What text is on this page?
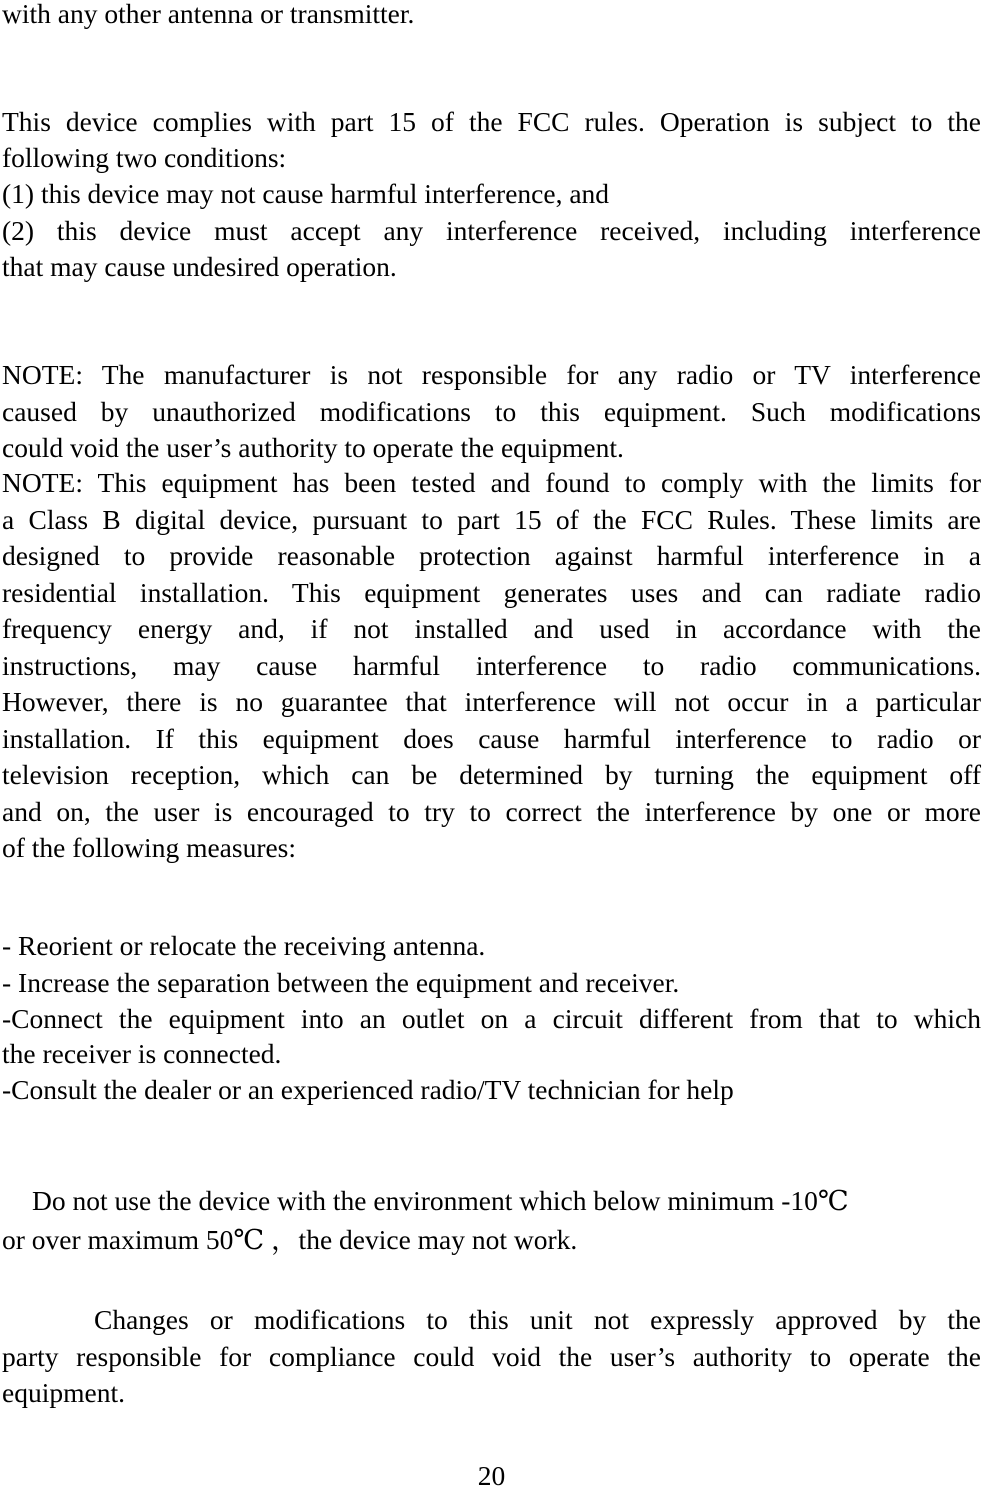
with any other antenna or transmitter.

This device complies with part 15 of the FCC rules. Operation is subject to the
following two conditions:
(1) this device may not cause harmful interference, and
(2) this device must accept any interference received, including interference
that may cause undesired operation.

NOTE: The manufacturer is not responsible for any radio or TV interference
caused by unauthorized modifications to this equipment. Such modifications
could void the user’s authority to operate the equipment.

NOTE: This equipment has been tested and found to comply with the limits for
a Class B digital device, pursuant to part 15 of the FCC Rules. These limits are
designed to provide reasonable protection against harmful interference in a
residential installation. This equipment generates uses and can radiate radio
frequency energy and, if not installed and used in accordance with the
instructions, may cause harmful interference to radio communications.
However, there is no guarantee that interference will not occur in a particular
installation. If this equipment does cause harmful interference to radio or
television reception, which can be determined by turning the equipment off
and on, the user is encouraged to try to correct the interference by one or more
of the following measures:

- Reorient or relocate the receiving antenna.
- Increase the separation between the equipment and receiver.
-Connect the equipment into an outlet on a circuit different from that to which
the receiver is connected.
-Consult the dealer or an experienced radio/TV technician for help

Do not use the device with the environment which below minimum -10℃
or over maximum 50℃ ，the device may not work.

Changes or modifications to this unit not expressly approved by the
party responsible for compliance could void the user’s authority to operate the
equipment.

20
